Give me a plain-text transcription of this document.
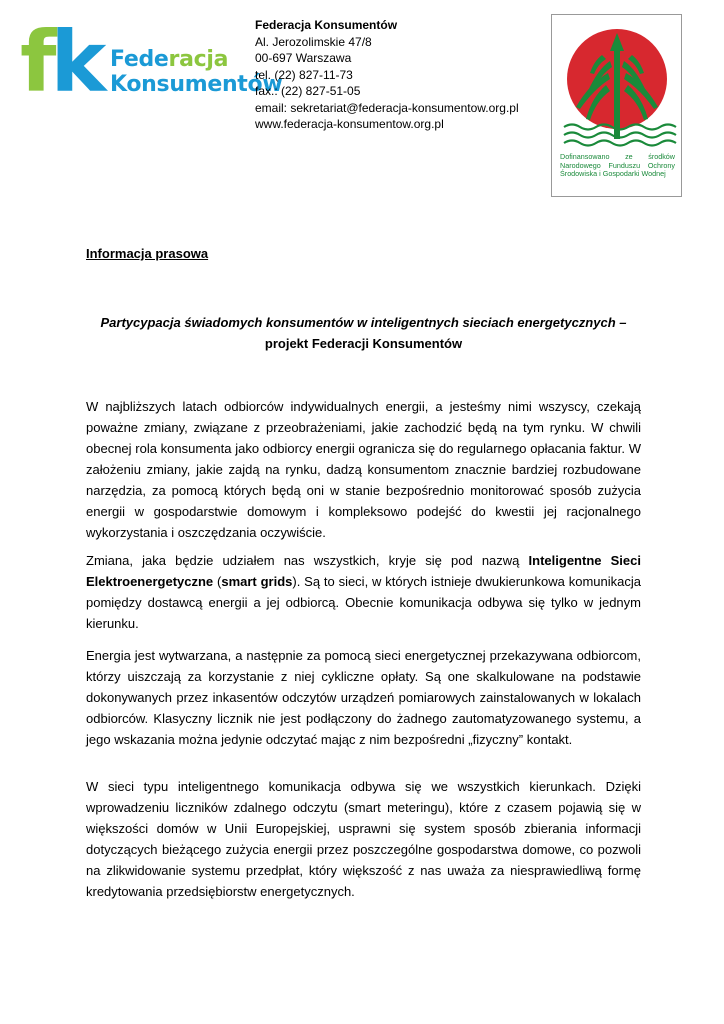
fk Federacja
Konsumentów
Federacja Konsumentów
Al. Jerozolimskie 47/8
00-697 Warszawa
tel. (22) 827-11-73
fax.: (22) 827-51-05
email: sekretariat@federacja-konsumentow.org.pl
www.federacja-konsumentow.org.pl
Dofinansowano ze środków Narodowego Funduszu Ochrony Środowiska i Gospodarki Wodnej
Informacja prasowa
Partycypacja świadomych konsumentów w inteligentnych sieciach energetycznych –
projekt Federacji Konsumentów

W najbliższych latach odbiorców indywidualnych energii, a jesteśmy nimi wszyscy, czekają poważne zmiany, związane z przeobrażeniami, jakie zachodzić będą na tym rynku. W chwili obecnej rola konsumenta jako odbiorcy energii ogranicza się do regularnego opłacania faktur. W założeniu zmiany, jakie zajdą na rynku, dadzą konsumentom znacznie bardziej rozbudowane narzędzia, za pomocą których będą oni w stanie bezpośrednio monitorować sposób zużycia energii w gospodarstwie domowym i kompleksowo podejść do kwestii jej racjonalnego wykorzystania i oszczędzania oczywiście.

Zmiana, jaka będzie udziałem nas wszystkich, kryje się pod nazwą Inteligentne Sieci Elektroenergetyczne (smart grids). Są to sieci, w których istnieje dwukierunkowa komunikacja pomiędzy dostawcą energii a jej odbiorcą. Obecnie komunikacja odbywa się tylko w jednym kierunku.

Energia jest wytwarzana, a następnie za pomocą sieci energetycznej przekazywana odbiorcom, którzy uiszczają za korzystanie z niej cykliczne opłaty. Są one skalkulowane na podstawie dokonywanych przez inkasentów odczytów urządzeń pomiarowych zainstalowanych w lokalach odbiorców. Klasyczny licznik nie jest podłączony do żadnego zautomatyzowanego systemu, a jego wskazania można jedynie odczytać mając z nim bezpośredni „fizyczny” kontakt.

W sieci typu inteligentnego komunikacja odbywa się we wszystkich kierunkach. Dzięki wprowadzeniu liczników zdalnego odczytu (smart meteringu), które z czasem pojawią się w większości domów w Unii Europejskiej, usprawni się system sposób zbierania informacji dotyczących bieżącego zużycia energii przez poszczególne gospodarstwa domowe, co pozwoli na zlikwidowanie systemu przedpłat, który większość z nas uważa za niesprawiedliwą formę kredytowania przedsiębiorstw energetycznych.
